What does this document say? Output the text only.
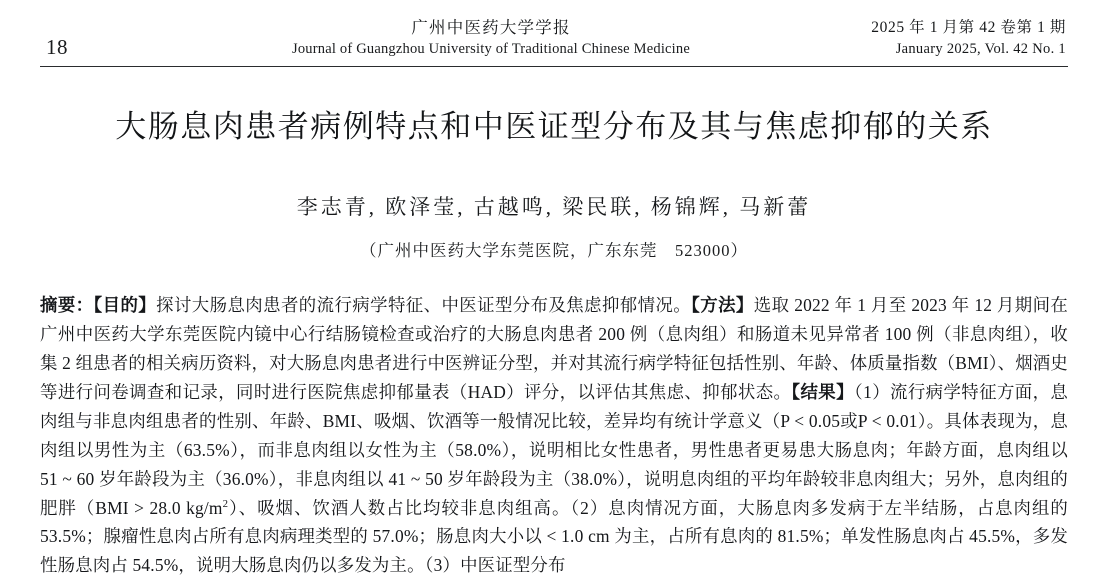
18
广州中医药大学学报
Journal of Guangzhou University of Traditional Chinese Medicine
2025 年 1 月第 42 卷第 1 期
January 2025, Vol. 42 No. 1
大肠息肉患者病例特点和中医证型分布及其与焦虑抑郁的关系
李志青, 欧泽莹, 古越鸣, 梁民联, 杨锦辉, 马新蕾
（广州中医药大学东莞医院，广东东莞　523000）
摘要：【目的】探讨大肠息肉患者的流行病学特征、中医证型分布及焦虑抑郁情况。【方法】选取 2022 年 1 月至 2023 年 12 月期间在广州中医药大学东莞医院内镜中心行结肠镜检查或治疗的大肠息肉患者 200 例（息肉组）和肠道未见异常者 100 例（非息肉组），收集 2 组患者的相关病历资料，对大肠息肉患者进行中医辨证分型，并对其流行病学特征包括性别、年龄、体质量指数（BMI）、烟酒史等进行问卷调查和记录，同时进行医院焦虑抑郁量表（HAD）评分，以评估其焦虑、抑郁状态。【结果】（1）流行病学特征方面，息肉组与非息肉组患者的性别、年龄、BMI、吸烟、饮酒等一般情况比较，差异均有统计学意义（P < 0.05或P < 0.01）。具体表现为，息肉组以男性为主（63.5%），而非息肉组以女性为主（58.0%），说明相比女性患者，男性患者更易患大肠息肉；年龄方面，息肉组以 51 ~ 60 岁年龄段为主（36.0%），非息肉组以 41 ~ 50 岁年龄段为主（38.0%），说明息肉组的平均年龄较非息肉组大；另外，息肉组的肥胖（BMI > 28.0 $kg/m^2$）、吸烟、饮酒人数占比均较非息肉组高。（2）息肉情况方面，大肠息肉多发病于左半结肠，占息肉组的 53.5%；腺瘤性息肉占所有息肉病理类型的 57.0%；肠息肉大小以 < 1.0 cm 为主，占所有息肉的 81.5%；单发性肠息肉占 45.5%，多发性肠息肉占 54.5%，说明大肠息肉仍以多发为主。（3）中医证型分布
